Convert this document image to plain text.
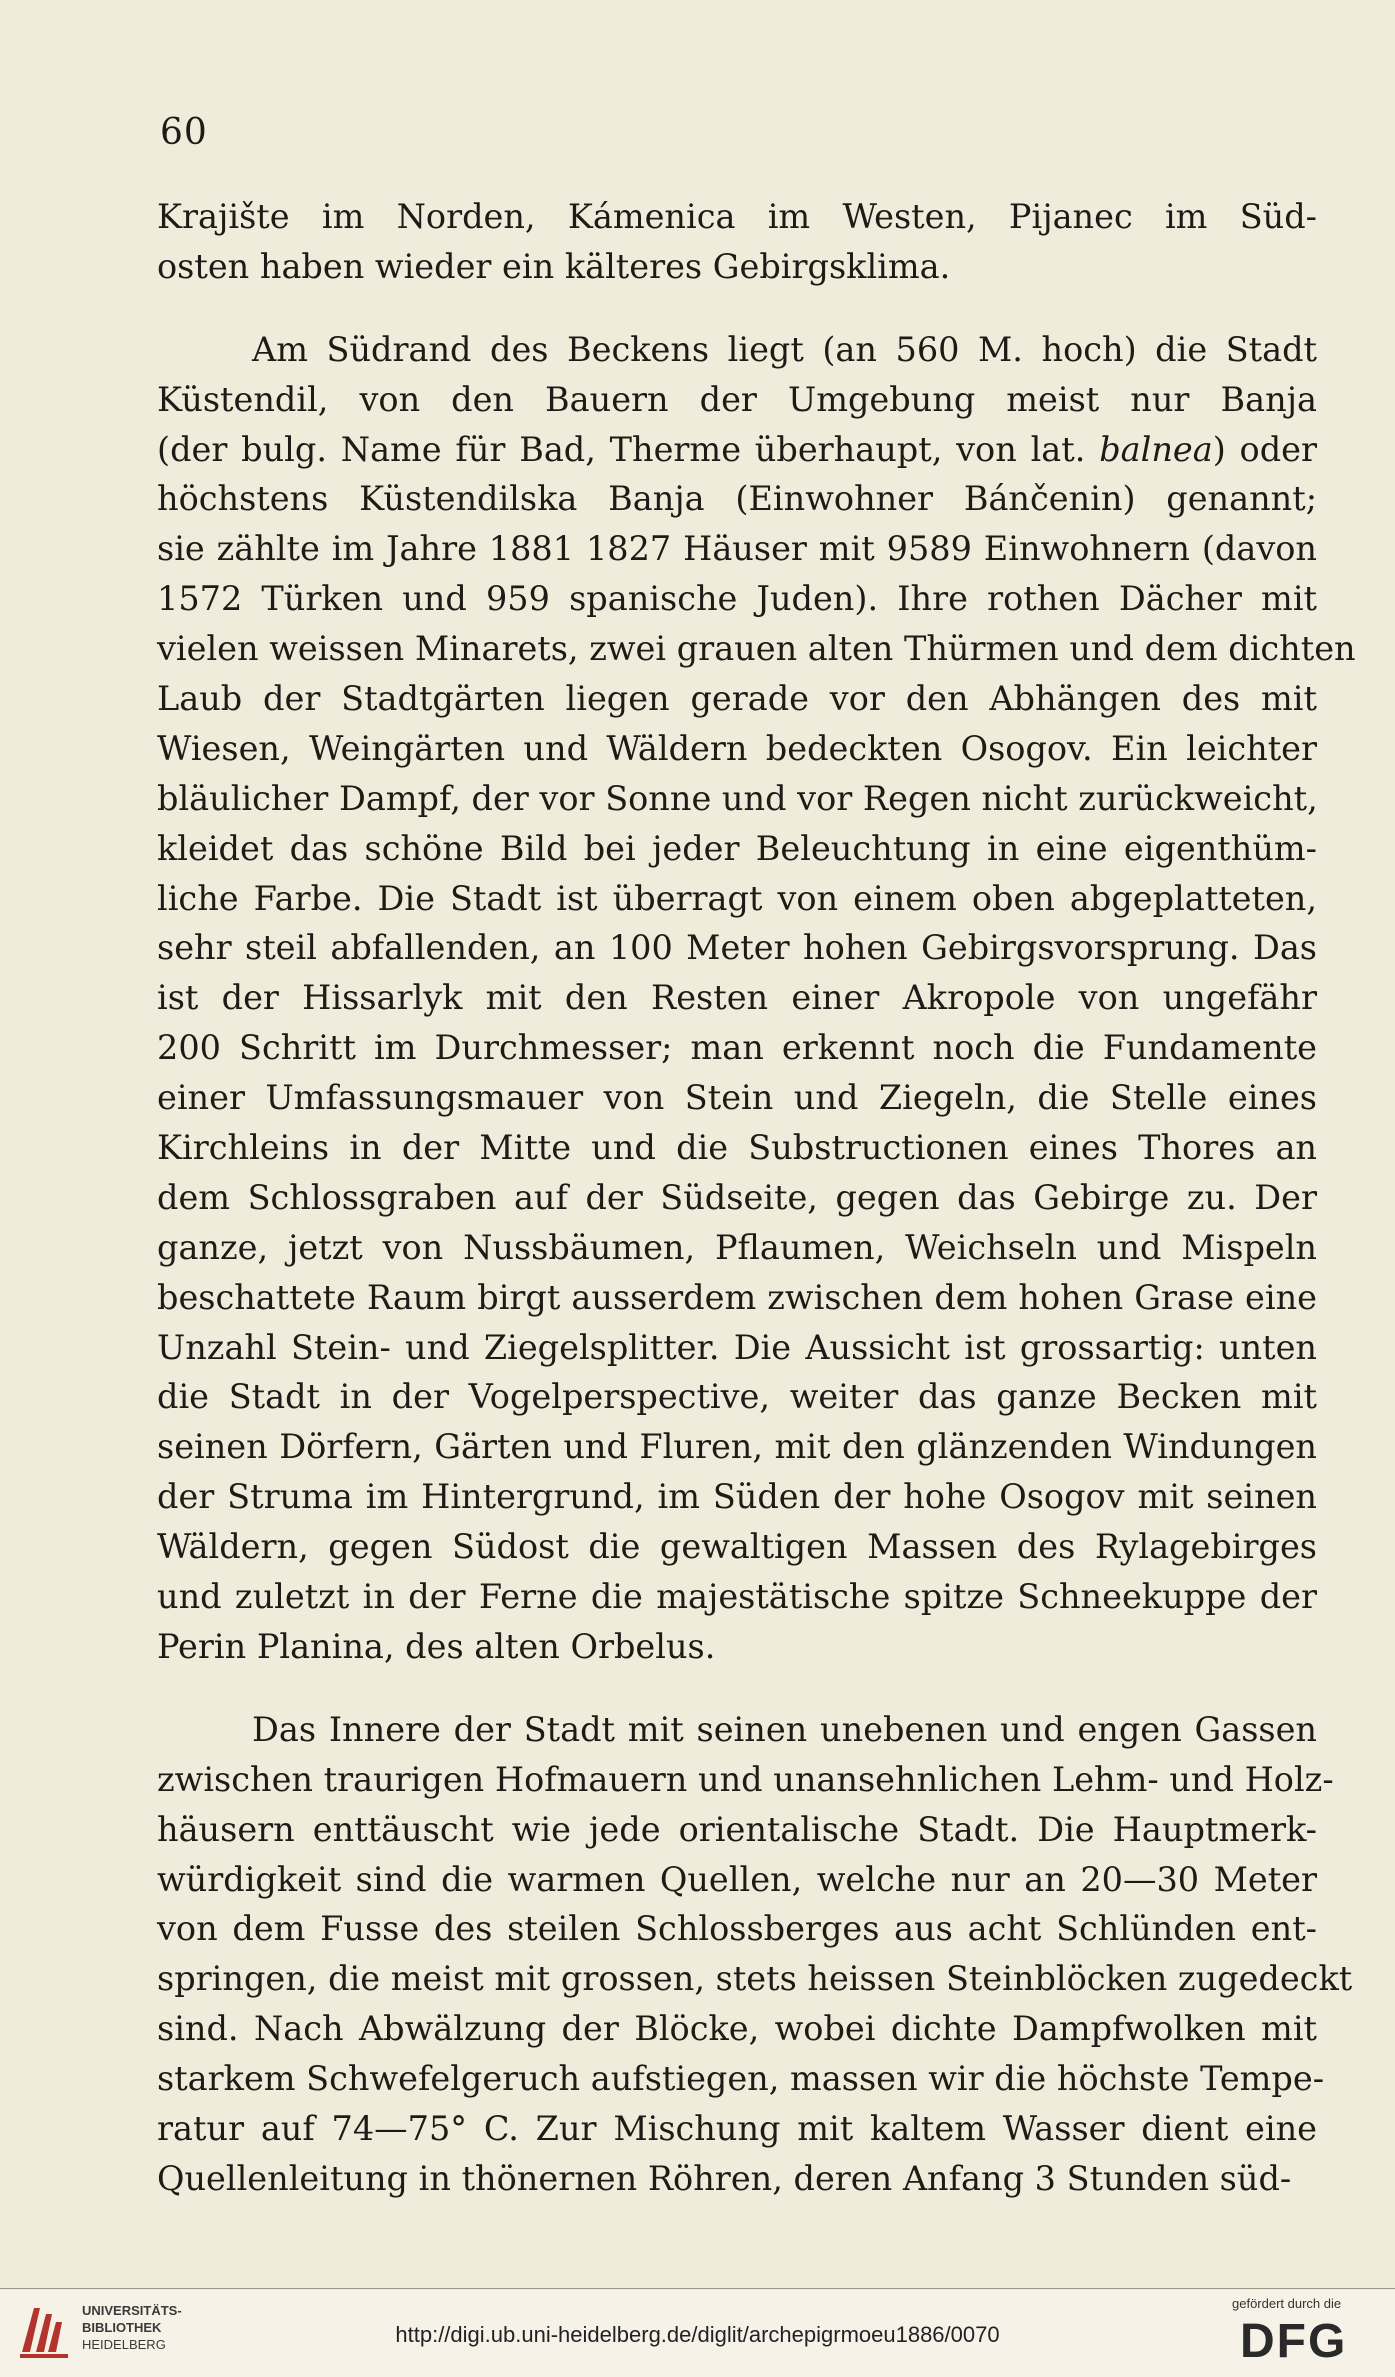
60
Krajište im Norden, Kámenica im Westen, Pijanec im Süd-
osten haben wieder ein kälteres Gebirgsklima.
Am Südrand des Beckens liegt (an 560 M. hoch) die Stadt
Küstendil, von den Bauern der Umgebung meist nur Banja
(der bulg. Name für Bad, Therme überhaupt, von lat. balnea) oder
höchstens Küstendilska Banja (Einwohner Bánčenin) genannt;
sie zählte im Jahre 1881 1827 Häuser mit 9589 Einwohnern (davon
1572 Türken und 959 spanische Juden). Ihre rothen Dächer mit
vielen weissen Minarets, zwei grauen alten Thürmen und dem dichten
Laub der Stadtgärten liegen gerade vor den Abhängen des mit
Wiesen, Weingärten und Wäldern bedeckten Osogov. Ein leichter
bläulicher Dampf, der vor Sonne und vor Regen nicht zurückweicht,
kleidet das schöne Bild bei jeder Beleuchtung in eine eigenthüm-
liche Farbe. Die Stadt ist überragt von einem oben abgeplatteten,
sehr steil abfallenden, an 100 Meter hohen Gebirgsvorsprung. Das
ist der Hissarlyk mit den Resten einer Akropole von ungefähr
200 Schritt im Durchmesser; man erkennt noch die Fundamente
einer Umfassungsmauer von Stein und Ziegeln, die Stelle eines
Kirchleins in der Mitte und die Substructionen eines Thores an
dem Schlossgraben auf der Südseite, gegen das Gebirge zu. Der
ganze, jetzt von Nussbäumen, Pflaumen, Weichseln und Mispeln
beschattete Raum birgt ausserdem zwischen dem hohen Grase eine
Unzahl Stein- und Ziegelsplitter. Die Aussicht ist grossartig: unten
die Stadt in der Vogelperspective, weiter das ganze Becken mit
seinen Dörfern, Gärten und Fluren, mit den glänzenden Windungen
der Struma im Hintergrund, im Süden der hohe Osogov mit seinen
Wäldern, gegen Südost die gewaltigen Massen des Rylagebirges
und zuletzt in der Ferne die majestätische spitze Schneekuppe der
Perin Planina, des alten Orbelus.
Das Innere der Stadt mit seinen unebenen und engen Gassen
zwischen traurigen Hofmauern und unansehnlichen Lehm- und Holz-
häusern enttäuscht wie jede orientalische Stadt. Die Hauptmerk-
würdigkeit sind die warmen Quellen, welche nur an 20—30 Meter
von dem Fusse des steilen Schlossberges aus acht Schlünden ent-
springen, die meist mit grossen, stets heissen Steinblöcken zugedeckt
sind. Nach Abwälzung der Blöcke, wobei dichte Dampfwolken mit
starkem Schwefelgeruch aufstiegen, massen wir die höchste Tempe-
ratur auf 74—75° C. Zur Mischung mit kaltem Wasser dient eine
Quellenleitung in thönernen Röhren, deren Anfang 3 Stunden süd-
UNIVERSITÄTS-
BIBLIOTHEK
HEIDELBERG	http://digi.ub.uni-heidelberg.de/diglit/archepigrmoeu1886/0070
gefördert durch die
DFG
